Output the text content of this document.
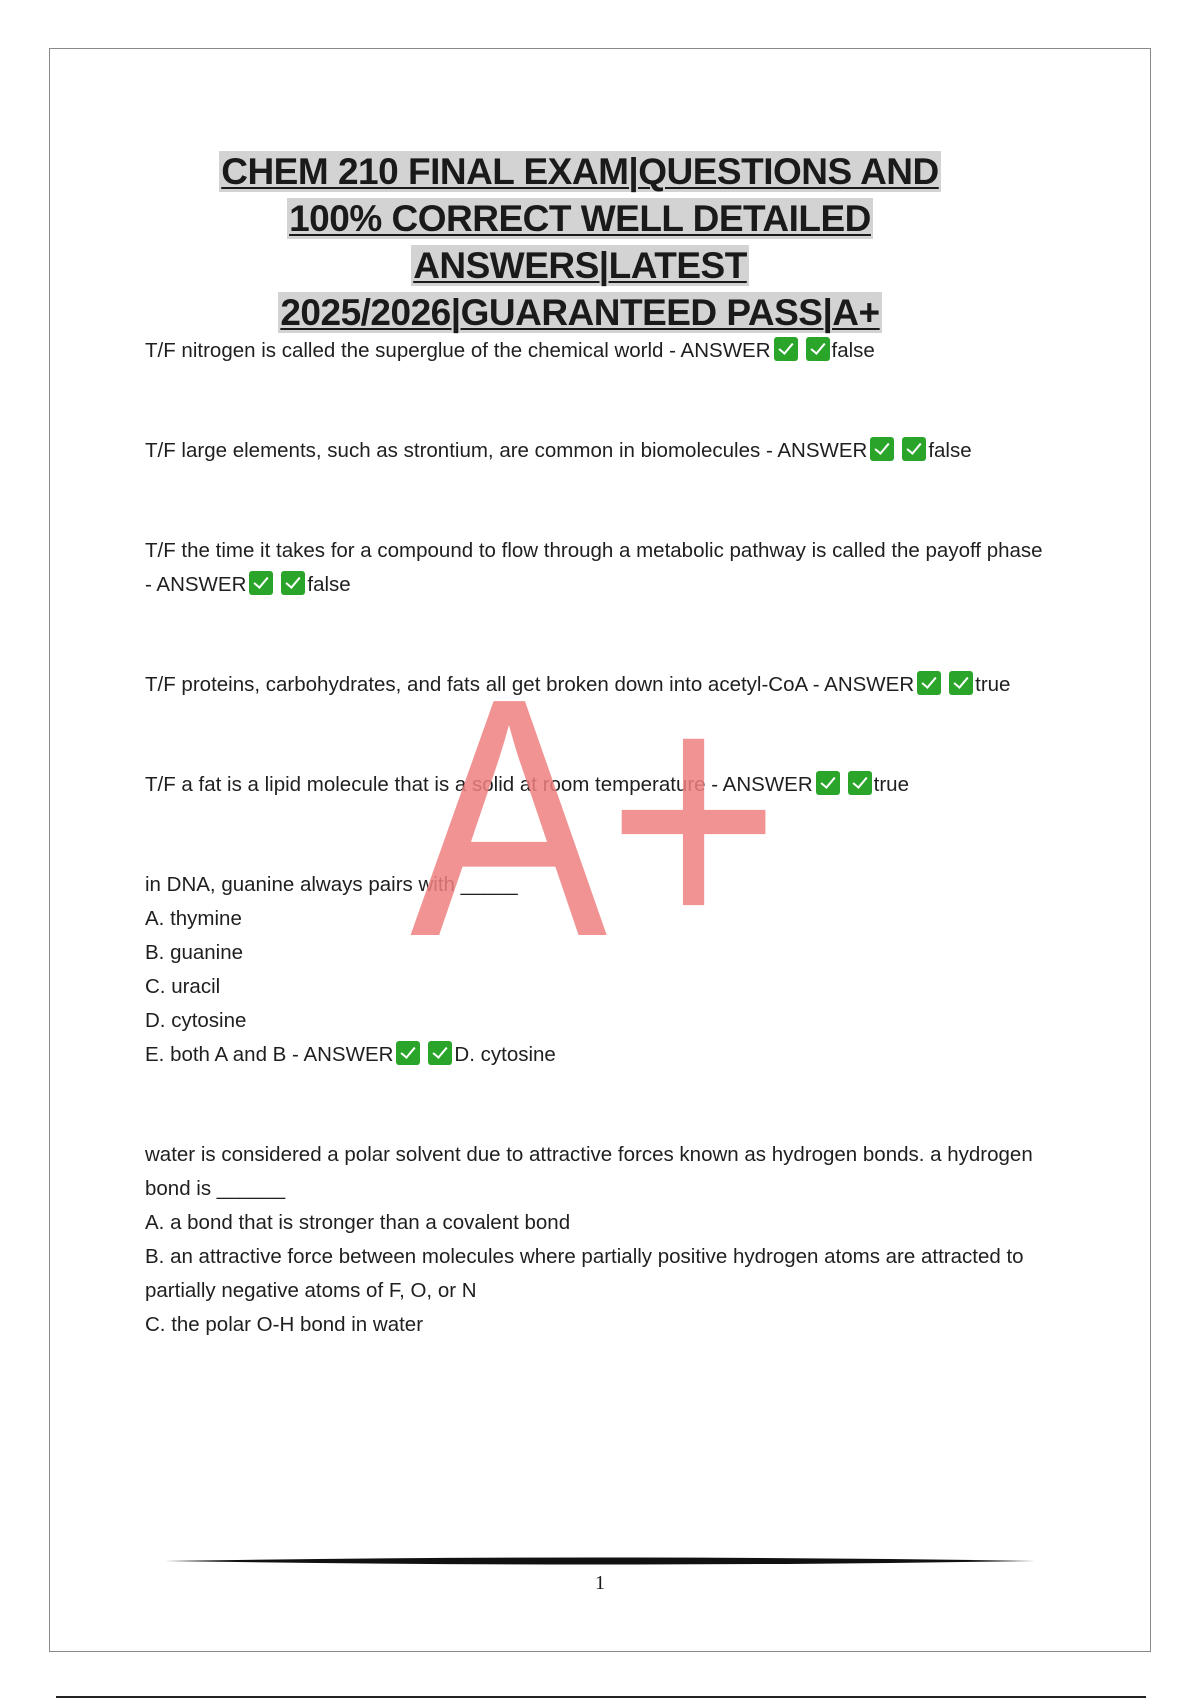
CHEM 210 FINAL EXAM|QUESTIONS AND
100% CORRECT WELL DETAILED
ANSWERS|LATEST
2025/2026|GUARANTEED PASS|A+

T/F nitrogen is called the superglue of the chemical world - ANSWER	false

T/F large elements, such as strontium, are common in biomolecules - ANSWER	false

T/F the time it takes for a compound to flow through a metabolic pathway is called the payoff phase - ANSWER	false

T/F proteins, carbohydrates, and fats all get broken down into acetyl-CoA - ANSWER	true

T/F a fat is a lipid molecule that is a solid at room temperature - ANSWER	true

in DNA, guanine always pairs with _____

A. thymine

B. guanine

C. uracil

D. cytosine

E. both A and B - ANSWER	D. cytosine

water is considered a polar solvent due to attractive forces known as hydrogen bonds. a hydrogen bond is ______

A. a bond that is stronger than a covalent bond

B. an attractive force between molecules where partially positive hydrogen atoms are attracted to partially negative atoms of F, O, or N

C. the polar O-H bond in water

A+
1
